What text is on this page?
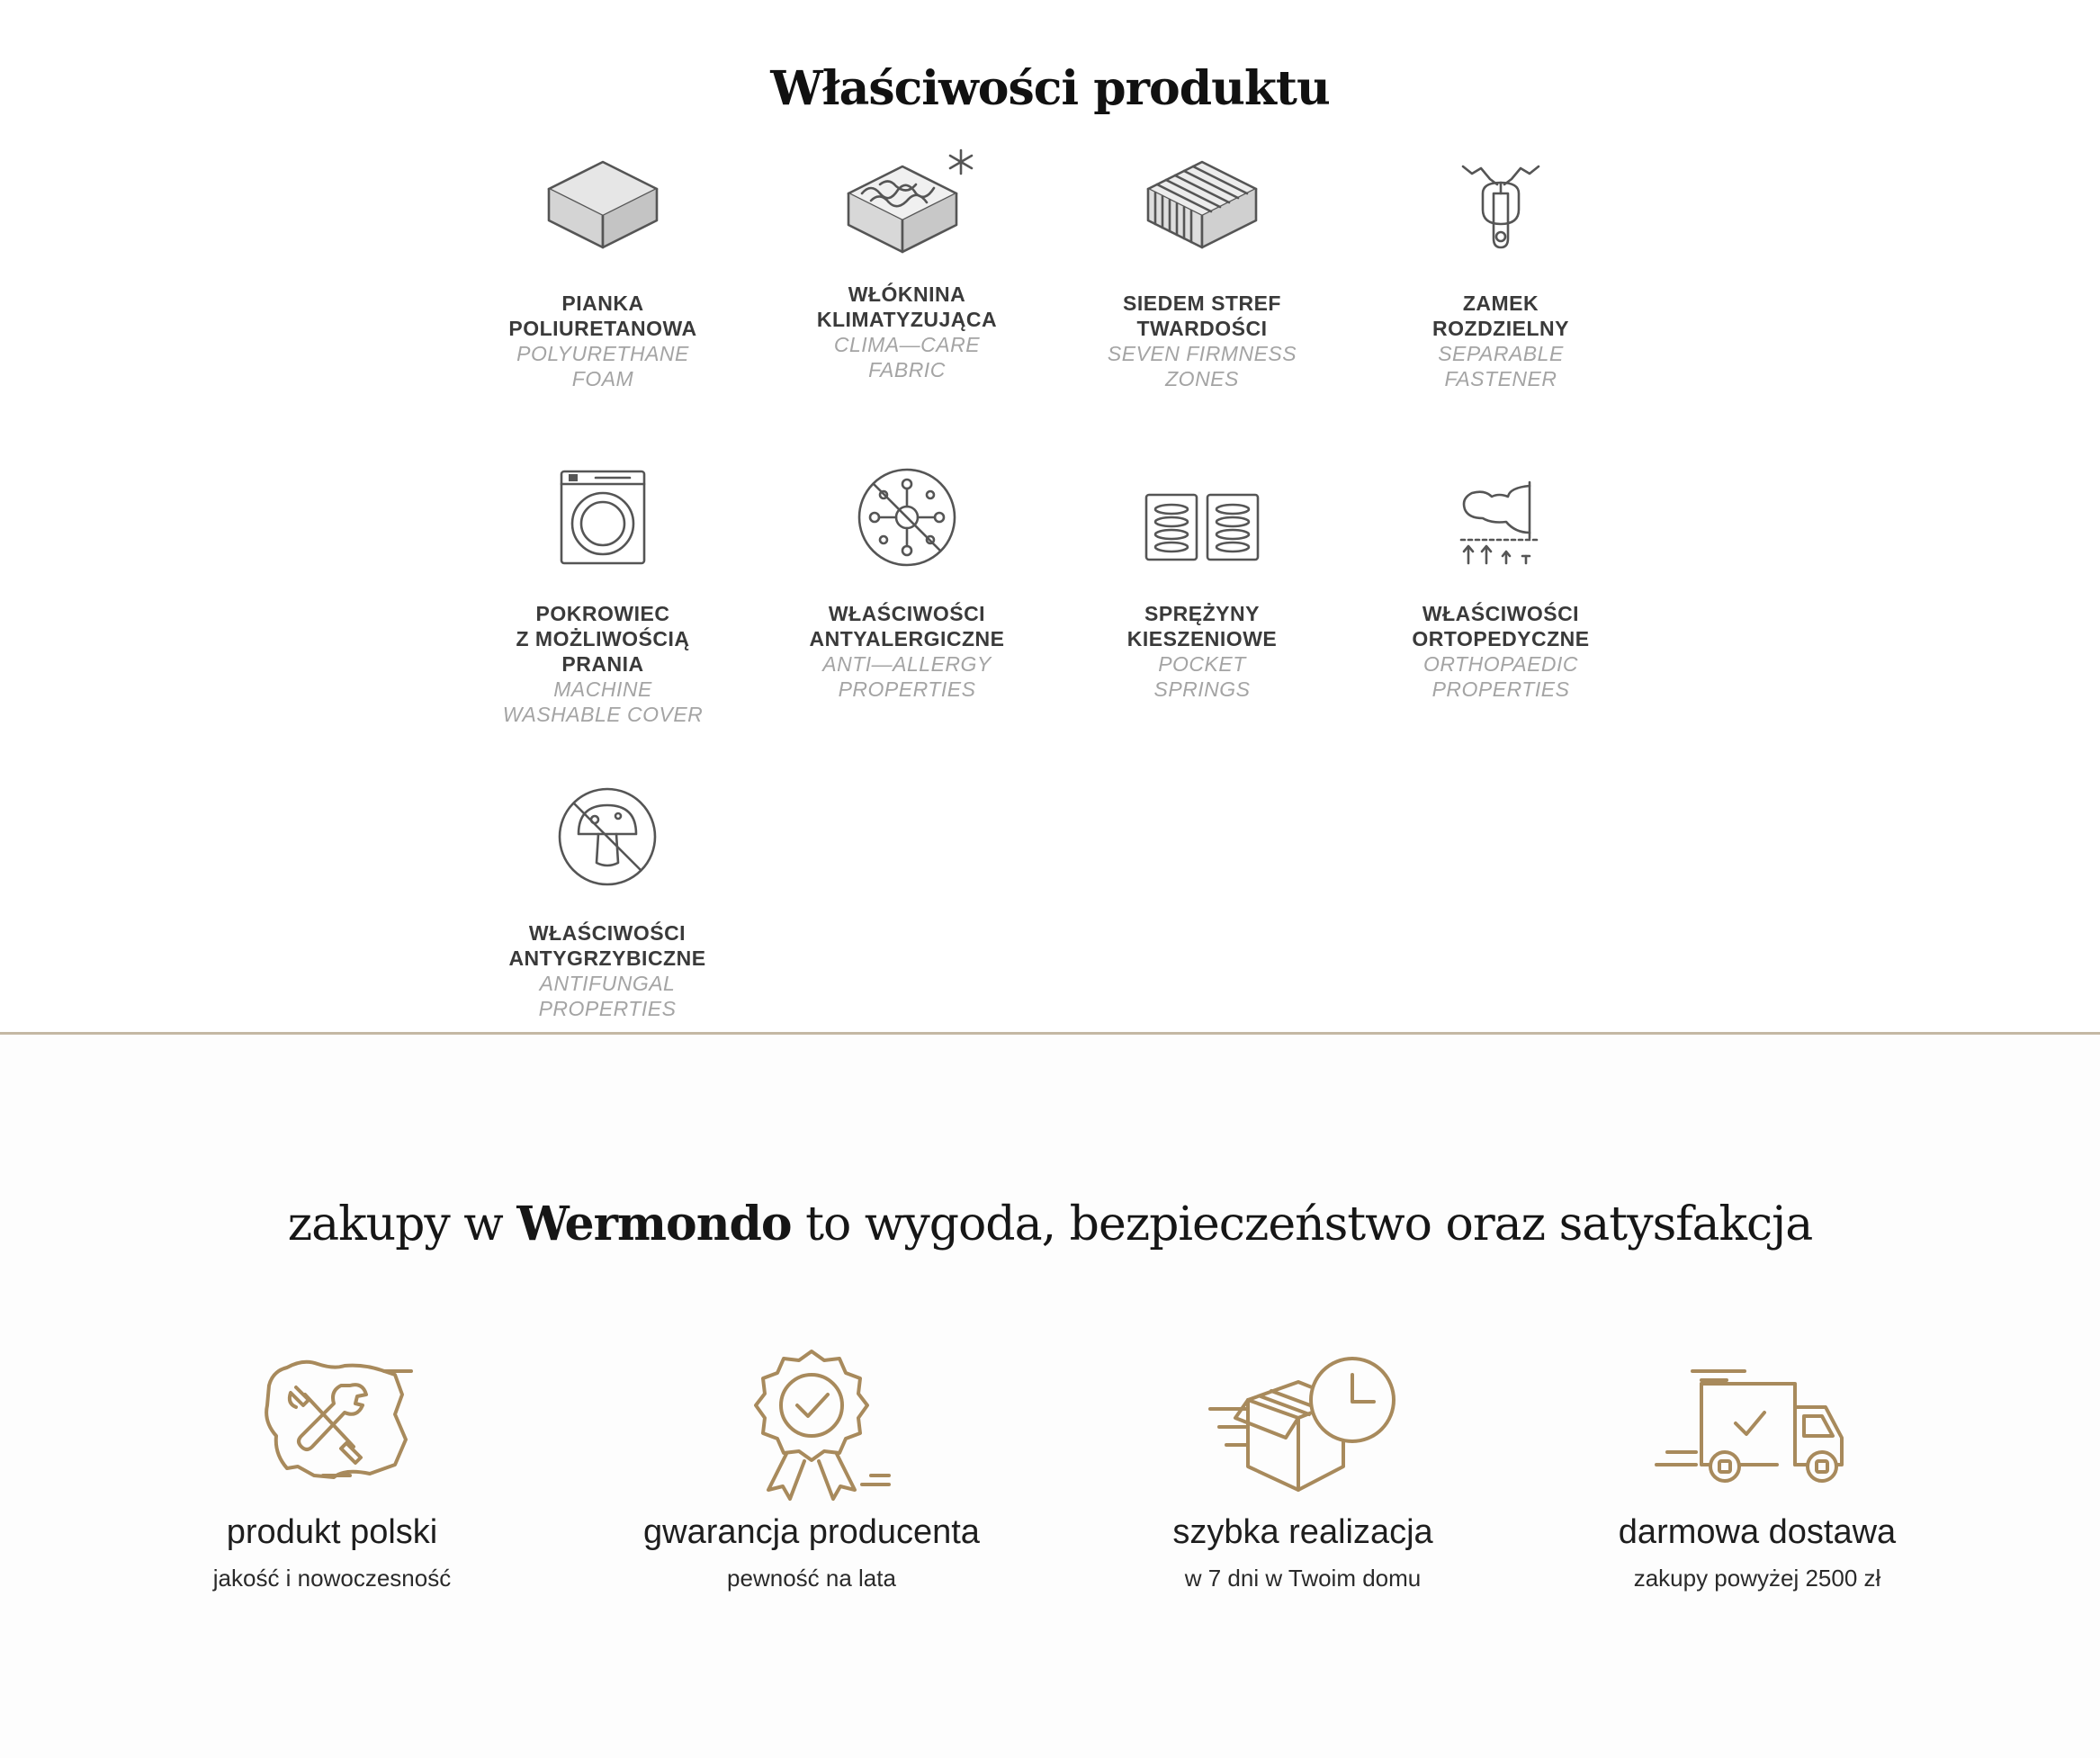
Właściwości produktu
PIANKA
POLIURETANOWA
POLYURETHANE
FOAM
WŁÓKNINA
KLIMATYZUJĄCA
CLIMA—CARE
FABRIC
SIEDEM STREF
TWARDOŚCI
SEVEN FIRMNESS
ZONES
ZAMEK
ROZDZIELNY
SEPARABLE
FASTENER
POKROWIEC
Z MOŻLIWOŚCIĄ
PRANIA
MACHINE
WASHABLE COVER
WŁAŚCIWOŚCI
ANTYALERGICZNE
ANTI—ALLERGY
PROPERTIES
SPRĘŻYNY
KIESZENIOWE
POCKET
SPRINGS
WŁAŚCIWOŚCI
ORTOPEDYCZNE
ORTHOPAEDIC
PROPERTIES
WŁAŚCIWOŚCI
ANTYGRZYBICZNE
ANTIFUNGAL
PROPERTIES
zakupy w Wermondo to wygoda, bezpieczeństwo oraz satysfakcja
produkt polski
jakość i nowoczesność
gwarancja producenta
pewność na lata
szybka realizacja
w 7 dni w Twoim domu
darmowa dostawa
zakupy powyżej 2500 zł
